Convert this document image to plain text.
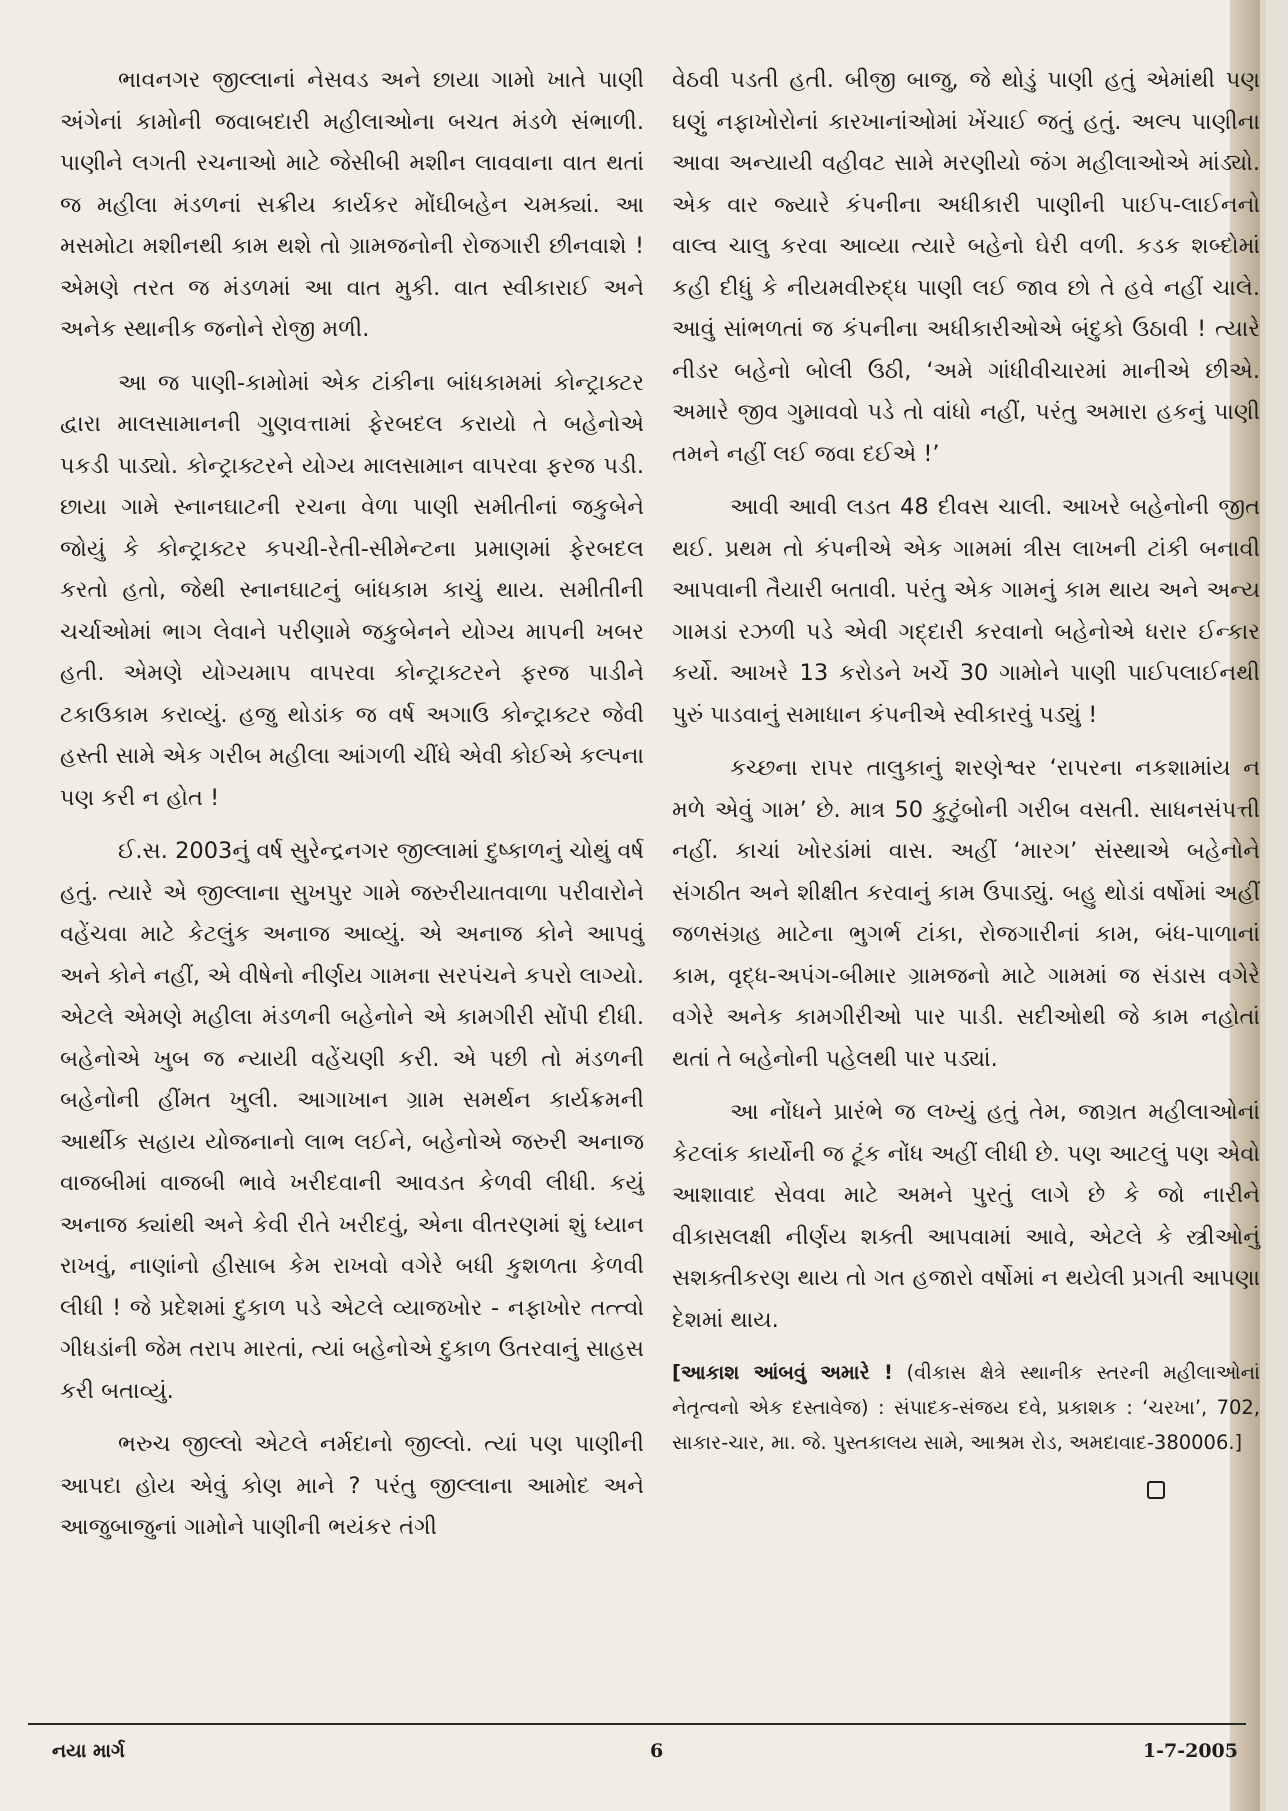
ભાવનગર જીલ્લાનાં નેસવડ અને છાયા ગામો ખાતે પાણી અંગેનાં કામોની જવાબદારી મહીલાઓના બચત મંડળે સંભાળી. પાણીને લગતી રચનાઓ માટે જેસીબી મશીન લાવવાના વાત થતાં જ મહીલા મંડળનાં સક્રીય કાર્યકર મોંઘીબહેન ચમક્યાં. આ મસમોટા મશીનથી કામ થશે તો ગ્રામજનોની રોજગારી છીનવાશે ! એમણે તરત જ મંડળમાં આ વાત મુકી. વાત સ્વીકારાઈ અને અનેક સ્થાનીક જનોને રોજી મળી.

આ જ પાણી-કામોમાં એક ટાંકીના બાંધકામમાં કોન્ટ્રાક્ટર દ્વારા માલસામાનની ગુણવત્તામાં ફેરબદલ કરાયો તે બહેનોએ પકડી પાડ્યો. કોન્ટ્રાક્ટરને યોગ્ય માલસામાન વાપરવા ફરજ પડી. છાયા ગામે સ્નાનઘાટની રચના વેળા પાણી સમીતીનાં જકુબેને જોયું કે કોન્ટ્રાક્ટર કપચી-રેતી-સીમેન્ટના પ્રમાણમાં ફેરબદલ કરતો હતો, જેથી સ્નાનઘાટનું બાંધકામ કાચું થાય. સમીતીની ચર્ચાઓમાં ભાગ લેવાને પરીણામે જકુબેનને યોગ્ય માપની ખબર હતી. એમણે યોગ્યમાપ વાપરવા કોન્ટ્રાક્ટરને ફરજ પાડીને ટકાઉકામ કરાવ્યું. હજુ થોડાંક જ વર્ષ અગાઉ કોન્ટ્રાક્ટર જેવી હસ્તી સામે એક ગરીબ મહીલા આંગળી ચીંધે એવી કોઈએ કલ્પના પણ કરી ન હોત !

ઈ.સ. 2003નું વર્ષ સુરેન્દ્રનગર જીલ્લામાં દુષ્કાળનું ચોથું વર્ષ હતું. ત્યારે એ જીલ્લાના સુખપુર ગામે જરુરીયાતવાળા પરીવારોને વહેંચવા માટે કેટલુંક અનાજ આવ્યું. એ અનાજ કોને આપવું અને કોને નહીં, એ વીષેનો નીર્ણય ગામના સરપંચને કપરો લાગ્યો. એટલે એમણે મહીલા મંડળની બહેનોને એ કામગીરી સોંપી દીધી. બહેનોએ ખુબ જ ન્યાયી વહેંચણી કરી. એ પછી તો મંડળની બહેનોની હીંમત ખુલી. આગાખાન ગ્રામ સમર્થન કાર્યક્રમની આર્થીક સહાય યોજનાનો લાભ લઈને, બહેનોએ જરુરી અનાજ વાજબીમાં વાજબી ભાવે ખરીદવાની આવડત કેળવી લીધી. કયું અનાજ ક્યાંથી અને કેવી રીતે ખરીદવું, એના વીતરણમાં શું ધ્યાન રાખવું, નાણાંનો હીસાબ કેમ રાખવો વગેરે બધી કુશળતા કેળવી લીધી ! જે પ્રદેશમાં દુકાળ પડે એટલે વ્યાજખોર - નફાખોર તત્ત્વો ગીધડાંની જેમ તરાપ મારતાં, ત્યાં બહેનોએ દુકાળ ઉતરવાનું સાહસ કરી બતાવ્યું.

ભરુચ જીલ્લો એટલે નર્મદાનો જીલ્લો. ત્યાં પણ પાણીની આપદા હોય એવું કોણ માને ? પરંતુ જીલ્લાના આમોદ અને આજુબાજુનાં ગામોને પાણીની ભયંકર તંગી

વેઠવી પડતી હતી. બીજી બાજુ, જે થોડું પાણી હતું એમાંથી પણ ઘણું નફાખોરોનાં કારખાનાંઓમાં ખેંચાઈ જતું હતું. અલ્પ પાણીના આવા અન્યાયી વહીવટ સામે મરણીયો જંગ મહીલાઓએ માંડ્યો. એક વાર જ્યારે કંપનીના અધીકારી પાણીની પાઈપ-લાઈનનો વાલ્વ ચાલુ કરવા આવ્યા ત્યારે બહેનો ઘેરી વળી. કડક શબ્દોમાં કહી દીધું કે નીયમવીરુદ્ધ પાણી લઈ જાવ છો તે હવે નહીં ચાલે. આવું સાંભળતાં જ કંપનીના અધીકારીઓએ બંદુકો ઉઠાવી ! ત્યારે નીડર બહેનો બોલી ઉઠી, ‘અમે ગાંધીવીચારમાં માનીએ છીએ. અમારે જીવ ગુમાવવો પડે તો વાંધો નહીં, પરંતુ અમારા હકનું પાણી તમને નહીં લઈ જવા દઈએ !’

આવી આવી લડત 48 દીવસ ચાલી. આખરે બહેનોની જીત થઈ. પ્રથમ તો કંપનીએ એક ગામમાં ત્રીસ લાખની ટાંકી બનાવી આપવાની તૈયારી બતાવી. પરંતુ એક ગામનું કામ થાય અને અન્ય ગામડાં રઝળી પડે એવી ગદ્દારી કરવાનો બહેનોએ ધરાર ઈન્કાર કર્યો. આખરે 13 કરોડને ખર્ચે 30 ગામોને પાણી પાઈપલાઈનથી પુરું પાડવાનું સમાધાન કંપનીએ સ્વીકારવું પડ્યું !

કચ્છના રાપર તાલુકાનું શરણેશ્વર ‘રાપરના નકશામાંય ન મળે એવું ગામ’ છે. માત્ર 50 કુટુંબોની ગરીબ વસતી. સાધનસંપત્તી નહીં. કાચાં ખોરડાંમાં વાસ. અહીં ‘મારગ’ સંસ્થાએ બહેનોને સંગઠીત અને શીક્ષીત કરવાનું કામ ઉપાડ્યું. બહુ થોડાં વર્ષોમાં અહીં જળસંગ્રહ માટેના ભુગર્ભ ટાંકા, રોજગારીનાં કામ, બંધ-પાળાનાં કામ, વૃદ્ધ-અપંગ-બીમાર ગ્રામજનો માટે ગામમાં જ સંડાસ વગેરે વગેરે અનેક કામગીરીઓ પાર પાડી. સદીઓથી જે કામ નહોતાં થતાં તે બહેનોની પહેલથી પાર પડ્યાં.

આ નોંધને પ્રારંભે જ લખ્યું હતું તેમ, જાગ્રત મહીલાઓનાં કેટલાંક કાર્યોની જ ટૂંક નોંધ અહીં લીધી છે. પણ આટલું પણ એવો આશાવાદ સેવવા માટે અમને પુરતું લાગે છે કે જો નારીને વીકાસલક્ષી નીર્ણય શક્તી આપવામાં આવે, એટલે કે સ્ત્રીઓનું સશક્તીકરણ થાય તો ગત હજારો વર્ષોમાં ન થયેલી પ્રગતી આપણા દેશમાં થાય.

[આકાશ આંબવું અમારે ! (વીકાસ ક્ષેત્રે સ્થાનીક સ્તરની મહીલાઓનાં નેતૃત્વનો એક દસ્તાવેજ) : સંપાદક-સંજય દવે, પ્રકાશક : ‘ચરખા’, 702, સાકાર-ચાર, મા. જે. પુસ્તકાલય સામે, આશ્રમ રોડ, અમદાવાદ-380006.]

નયા માર્ગ	6	1-7-2005
